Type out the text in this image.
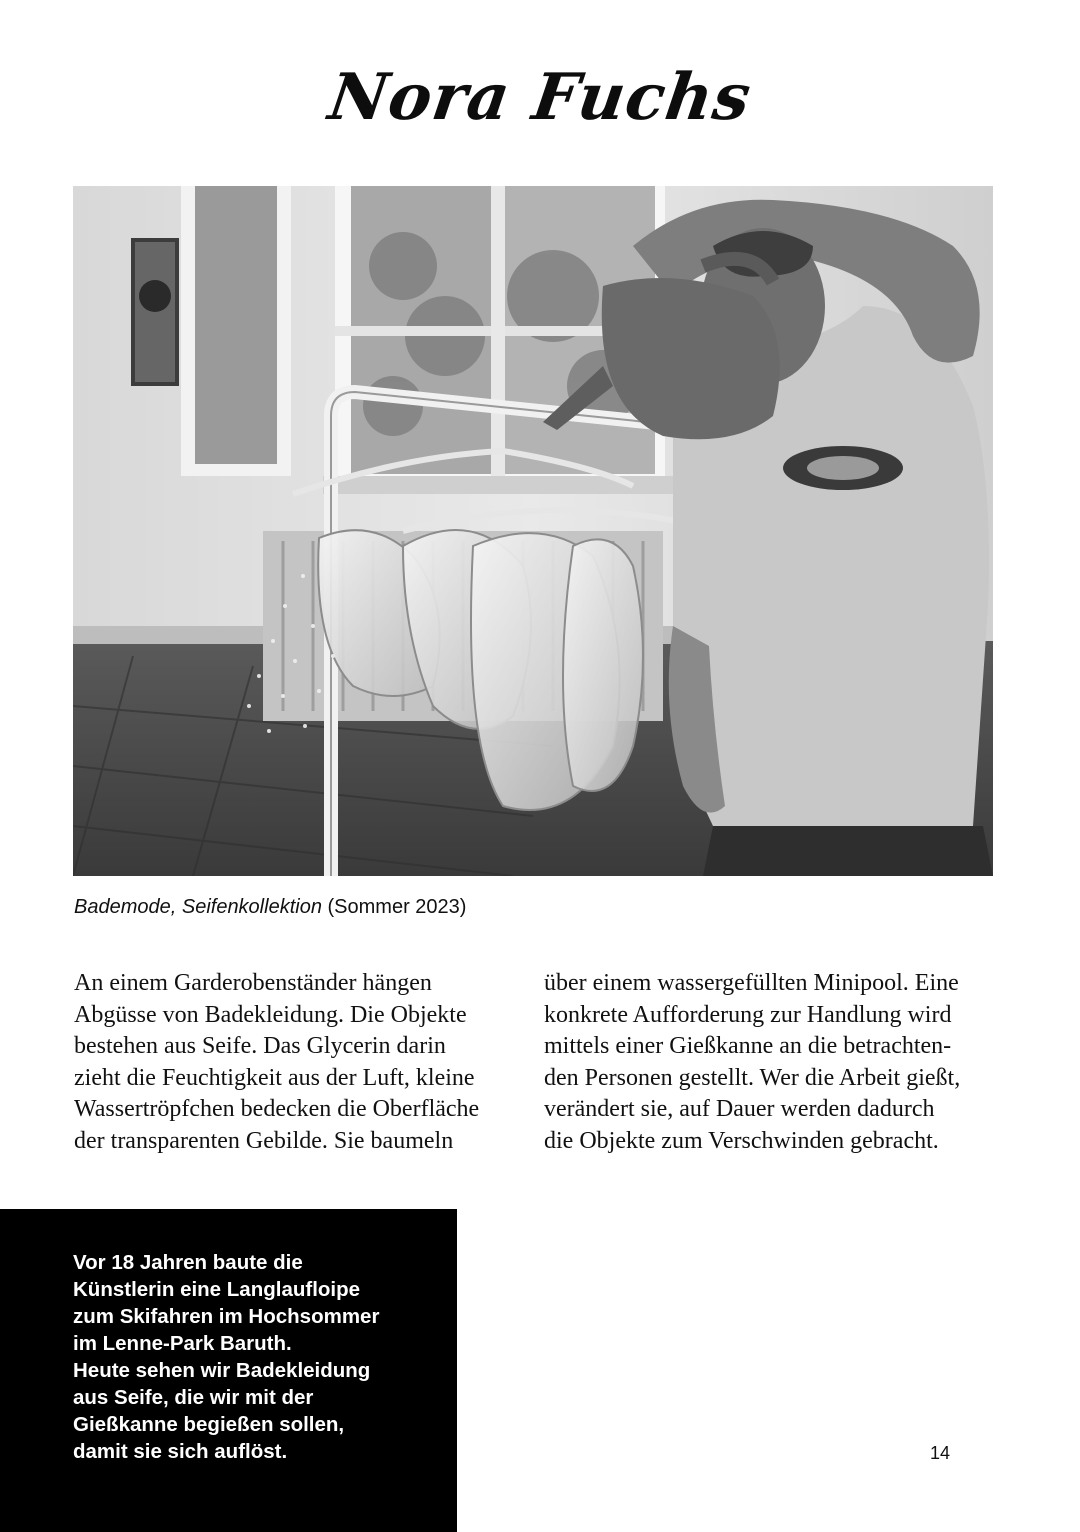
Nora Fuchs
Bademode, Seifenkollektion (Sommer 2023)

An einem Garderobenständer hängen
Abgüsse von Badekleidung. Die Objekte
bestehen aus Seife. Das Glycerin darin
zieht die Feuchtigkeit aus der Luft, kleine
Wassertröpfchen bedecken die Oberfläche
der transparenten Gebilde. Sie baumeln

über einem wassergefüllten Minipool. Eine
konkrete Aufforderung zur Handlung wird
mittels einer Gießkanne an die betrachten-
den Personen gestellt. Wer die Arbeit gießt,
verändert sie, auf Dauer werden dadurch
die Objekte zum Verschwinden gebracht.

Vor 18 Jahren baute die
Künstlerin eine Langlaufloipe
zum Skifahren im Hochsommer
im Lenne-Park Baruth.
Heute sehen wir Badekleidung
aus Seife, die wir mit der
Gießkanne begießen sollen,
damit sie sich auflöst.	14
